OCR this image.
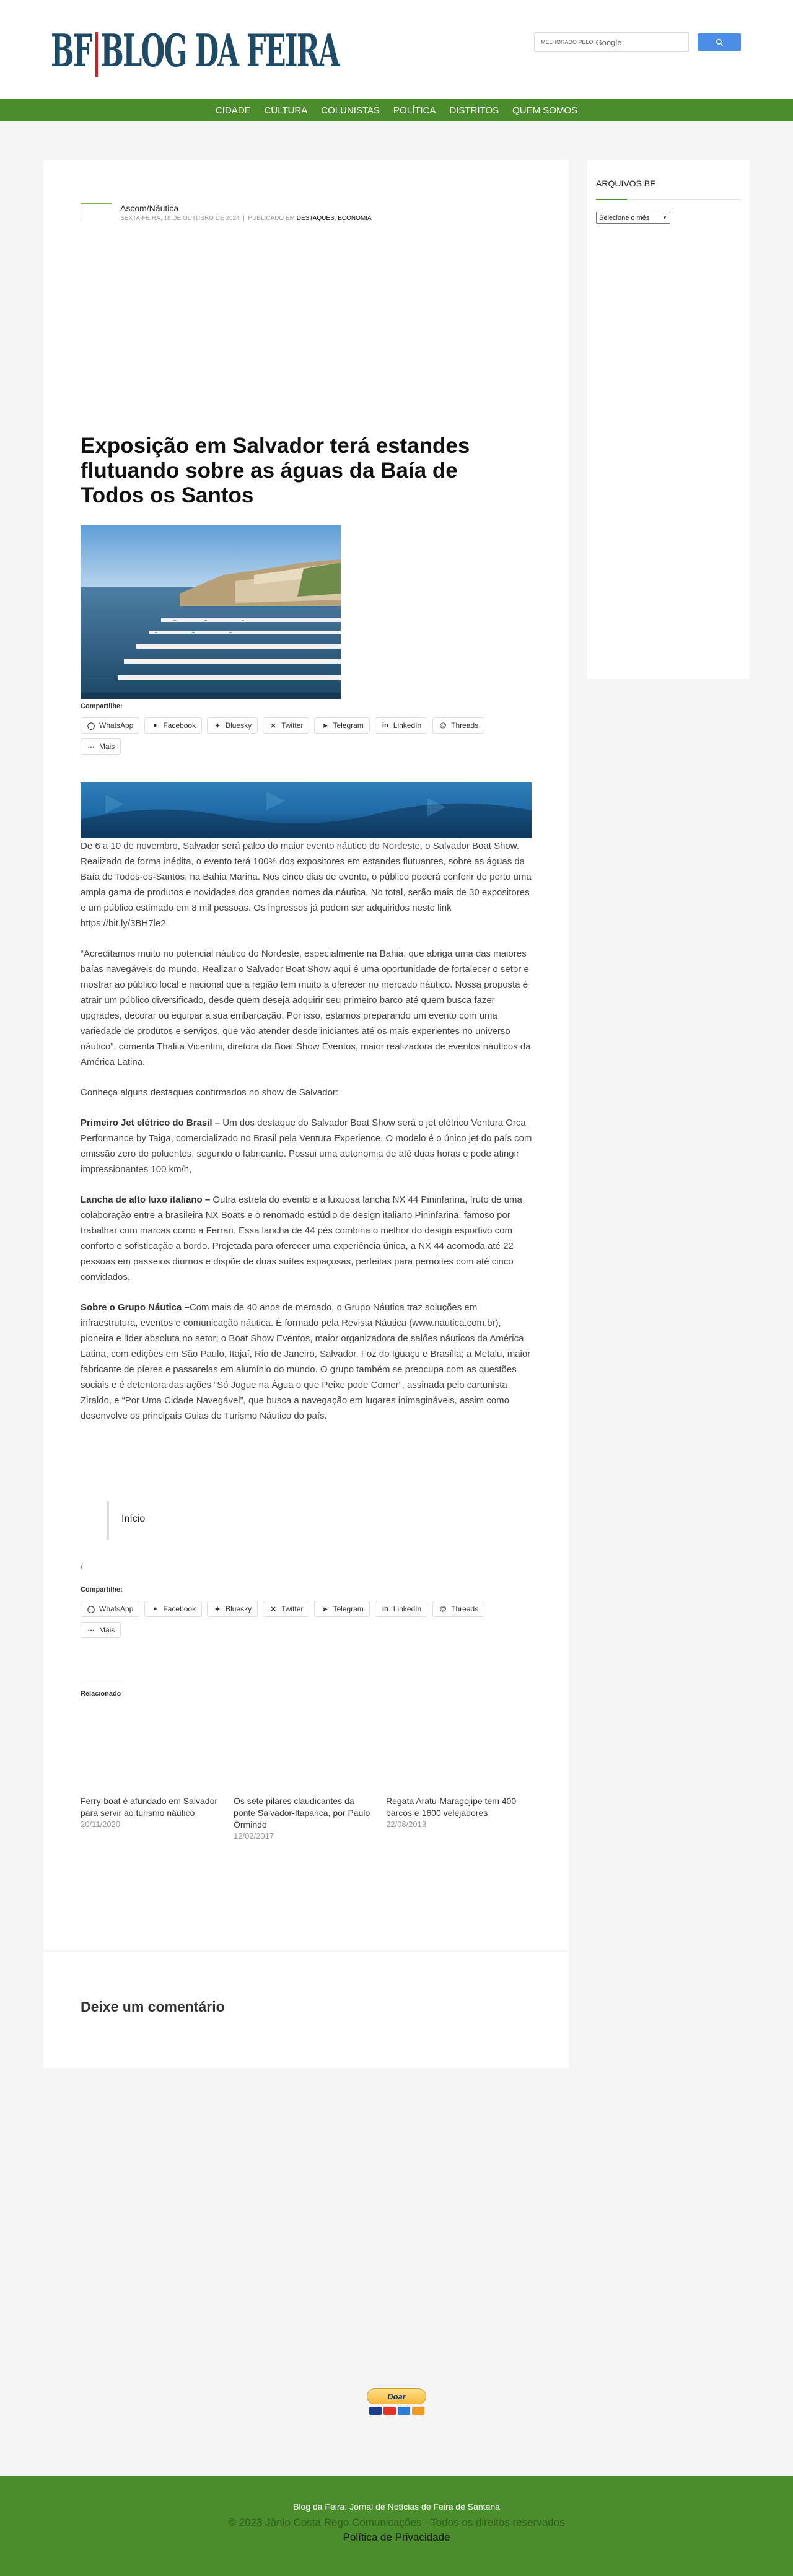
BF|BLOG DA FEIRA	MELHORADO PELO Google
CIDADE	CULTURA	COLUNISTAS	POLÍTICA	DISTRITOS	QUEM SOMOS
Ascom/Náutica
SEXTA-FEIRA, 18 DE OUTUBRO DE 2024 | PUBLICADO EM DESTAQUES, ECONOMIA
Exposição em Salvador terá estandes flutuando sobre as águas da Baía de Todos os Santos
Compartilhe:
◯ WhatsApp	● Facebook	✦ Bluesky	✕ Twitter	➤ Telegram	in LinkedIn	@ Threads
⋯ Mais

De 6 a 10 de novembro, Salvador será palco do maior evento náutico do Nordeste, o Salvador Boat Show. Realizado de forma inédita, o evento terá 100% dos expositores em estandes flutuantes, sobre as águas da Baía de Todos-os-Santos, na Bahia Marina. Nos cinco dias de evento, o público poderá conferir de perto uma ampla gama de produtos e novidades dos grandes nomes da náutica. No total, serão mais de 30 expositores e um público estimado em 8 mil pessoas. Os ingressos já podem ser adquiridos neste link https://bit.ly/3BH7le2

“Acreditamos muito no potencial náutico do Nordeste, especialmente na Bahia, que abriga uma das maiores baías navegáveis do mundo. Realizar o Salvador Boat Show aqui é uma oportunidade de fortalecer o setor e mostrar ao público local e nacional que a região tem muito a oferecer no mercado náutico. Nossa proposta é atrair um público diversificado, desde quem deseja adquirir seu primeiro barco até quem busca fazer upgrades, decorar ou equipar a sua embarcação. Por isso, estamos preparando um evento com uma variedade de produtos e serviços, que vão atender desde iniciantes até os mais experientes no universo náutico”, comenta Thalita Vicentini, diretora da Boat Show Eventos, maior realizadora de eventos náuticos da América Latina.

Conheça alguns destaques confirmados no show de Salvador:

Primeiro Jet elétrico do Brasil – Um dos destaque do Salvador Boat Show será o jet elétrico Ventura Orca Performance by Taiga, comercializado no Brasil pela Ventura Experience. O modelo é o único jet do país com emissão zero de poluentes, segundo o fabricante. Possui uma autonomia de até duas horas e pode atingir impressionantes 100 km/h,

Lancha de alto luxo italiano – Outra estrela do evento é a luxuosa lancha NX 44 Pininfarina, fruto de uma colaboração entre a brasileira NX Boats e o renomado estúdio de design italiano Pininfarina, famoso por trabalhar com marcas como a Ferrari. Essa lancha de 44 pés combina o melhor do design esportivo com conforto e sofisticação a bordo. Projetada para oferecer uma experiência única, a NX 44 acomoda até 22 pessoas em passeios diurnos e dispõe de duas suítes espaçosas, perfeitas para pernoites com até cinco convidados.

Sobre o Grupo Náutica –Com mais de 40 anos de mercado, o Grupo Náutica traz soluções em infraestrutura, eventos e comunicação náutica. É formado pela Revista Náutica (www.nautica.com.br), pioneira e líder absoluta no setor; o Boat Show Eventos, maior organizadora de salões náuticos da América Latina, com edições em São Paulo, Itajaí, Rio de Janeiro, Salvador, Foz do Iguaçu e Brasília; a Metalu, maior fabricante de píeres e passarelas em alumínio do mundo. O grupo também se preocupa com as questões sociais e é detentora das ações “Só Jogue na Água o que Peixe pode Comer”, assinada pelo cartunista Ziraldo, e “Por Uma Cidade Navegável”, que busca a navegação em lugares inimagináveis, assim como desenvolve os principais Guias de Turismo Náutico do país.

Início
/
Compartilhe:
◯ WhatsApp	● Facebook	✦ Bluesky	✕ Twitter	➤ Telegram	in LinkedIn	@ Threads
⋯ Mais
Relacionado
Ferry-boat é afundado em Salvador para servir ao turismo náutico
20/11/2020
Os sete pilares claudicantes da ponte Salvador-Itaparica, por Paulo Ormindo
12/02/2017
Regata Aratu-Maragojipe tem 400 barcos e 1600 velejadores
22/08/2013
Deixe um comentário
ARQUIVOS BF
Selecione o mês	▼
Doar
Blog da Feira: Jornal de Notícias de Feira de Santana
© 2023 Jânio Costa Rego Comunicações - Todos os direitos reservados
Política de Privacidade
